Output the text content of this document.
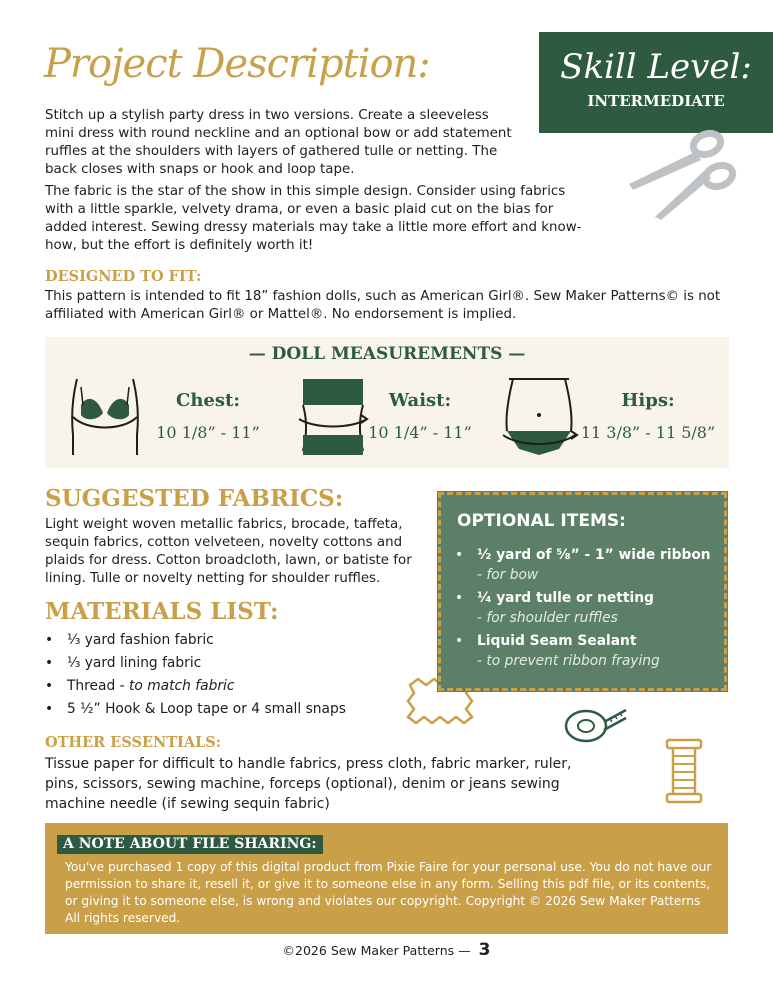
Project Description:	Skill Level:
INTERMEDIATE

Stitch up a stylish party dress in two versions. Create a sleeveless mini dress with round neckline and an optional bow or add statement ruffles at the shoulders with layers of gathered tulle or netting. The back closes with snaps or hook and loop tape.

The fabric is the star of the show in this simple design. Consider using fabrics with a little sparkle, velvety drama, or even a basic plaid cut on the bias for added interest. Sewing dressy materials may take a little more effort and know-how, but the effort is definitely worth it!

DESIGNED TO FIT:
This pattern is intended to fit 18” fashion dolls, such as American Girl®. Sew Maker Patterns© is not affiliated with American Girl® or Mattel®. No endorsement is implied.
— DOLL MEASUREMENTS —
Chest:
10 1/8” - 11”
Waist:
10 1/4” - 11”
Hips:
11 3/8” - 11 5/8”
SUGGESTED FABRICS:
Light weight woven metallic fabrics, brocade, taffeta, sequin fabrics, cotton velveteen, novelty cottons and plaids for dress. Cotton broadcloth, lawn, or batiste for lining. Tulle or novelty netting for shoulder ruffles.
MATERIALS LIST:
• ¹⁄₃ yard fashion fabric
• ¹⁄₃ yard lining fabric
• Thread - to match fabric
• 5 ¹⁄₂” Hook & Loop tape or 4 small snaps
OPTIONAL ITEMS:
• ¹⁄₂ yard of ⁵⁄₈” - 1” wide ribbon
- for bow
• ¹⁄₄ yard tulle or netting
- for shoulder ruffles
• Liquid Seam Sealant
- to prevent ribbon fraying
OTHER ESSENTIALS:
Tissue paper for difficult to handle fabrics, press cloth, fabric marker, ruler, pins, scissors, sewing machine, forceps (optional), denim or jeans sewing machine needle (if sewing sequin fabric)
A NOTE ABOUT FILE SHARING:
You've purchased 1 copy of this digital product from Pixie Faire for your personal use. You do not have our permission to share it, resell it, or give it to someone else in any form. Selling this pdf file, or its contents, or giving it to someone else, is wrong and violates our copyright. Copyright © 2026 Sew Maker Patterns All rights reserved.
©2026 Sew Maker Patterns — 3
